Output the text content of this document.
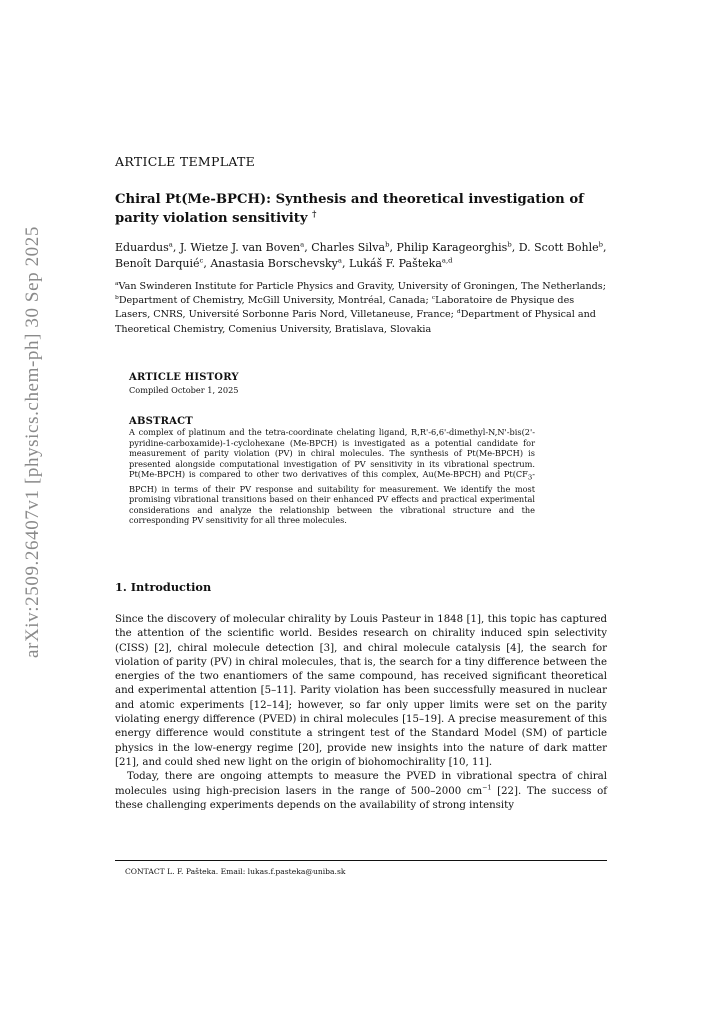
arXiv:2509.26407v1 [physics.chem-ph] 30 Sep 2025
ARTICLE TEMPLATE
Chiral Pt(Me-BPCH): Synthesis and theoretical investigation of parity violation sensitivity †
Eduardus$^a$, J. Wietze J. van Boven$^a$, Charles Silva$^b$, Philip Karageorghis$^b$, D. Scott Bohle$^b$, Benoît Darquié$^c$, Anastasia Borschevsky$^a$, Lukáš F. Pašteka$^{a,d}$
$^a$Van Swinderen Institute for Particle Physics and Gravity, University of Groningen, The Netherlands; $^b$Department of Chemistry, McGill University, Montréal, Canada; $^c$Laboratoire de Physique des Lasers, CNRS, Université Sorbonne Paris Nord, Villetaneuse, France; $^d$Department of Physical and Theoretical Chemistry, Comenius University, Bratislava, Slovakia
ARTICLE HISTORY
Compiled October 1, 2025
ABSTRACT

A complex of platinum and the tetra-coordinate chelating ligand, R,R'-6,6'-dimethyl-N,N'-bis(2'-pyridine-carboxamide)-1-cyclohexane (Me-BPCH) is investigated as a potential candidate for measurement of parity violation (PV) in chiral molecules. The synthesis of Pt(Me-BPCH) is presented alongside computational investigation of PV sensitivity in its vibrational spectrum. Pt(Me-BPCH) is compared to other two derivatives of this complex, Au(Me-BPCH) and $Pt(CF_3-BPCH)$ in terms of their PV response and suitability for measurement. We identify the most promising vibrational transitions based on their enhanced PV effects and practical experimental considerations and analyze the relationship between the vibrational structure and the corresponding PV sensitivity for all three molecules.

1. Introduction

Since the discovery of molecular chirality by Louis Pasteur in 1848 [1], this topic has captured the attention of the scientific world. Besides research on chirality induced spin selectivity (CISS) [2], chiral molecule detection [3], and chiral molecule catalysis [4], the search for violation of parity (PV) in chiral molecules, that is, the search for a tiny difference between the energies of the two enantiomers of the same compound, has received significant theoretical and experimental attention [5–11]. Parity violation has been successfully measured in nuclear and atomic experiments [12–14]; however, so far only upper limits were set on the parity violating energy difference (PVED) in chiral molecules [15–19]. A precise measurement of this energy difference would constitute a stringent test of the Standard Model (SM) of particle physics in the low-energy regime [20], provide new insights into the nature of dark matter [21], and could shed new light on the origin of biohomochirality [10, 11].

Today, there are ongoing attempts to measure the PVED in vibrational spectra of chiral molecules using high-precision lasers in the range of 500–2000 $cm^{-1}$ [22]. The success of these challenging experiments depends on the availability of strong intensity

CONTACT L. F. Pašteka. Email: lukas.f.pasteka@uniba.sk
